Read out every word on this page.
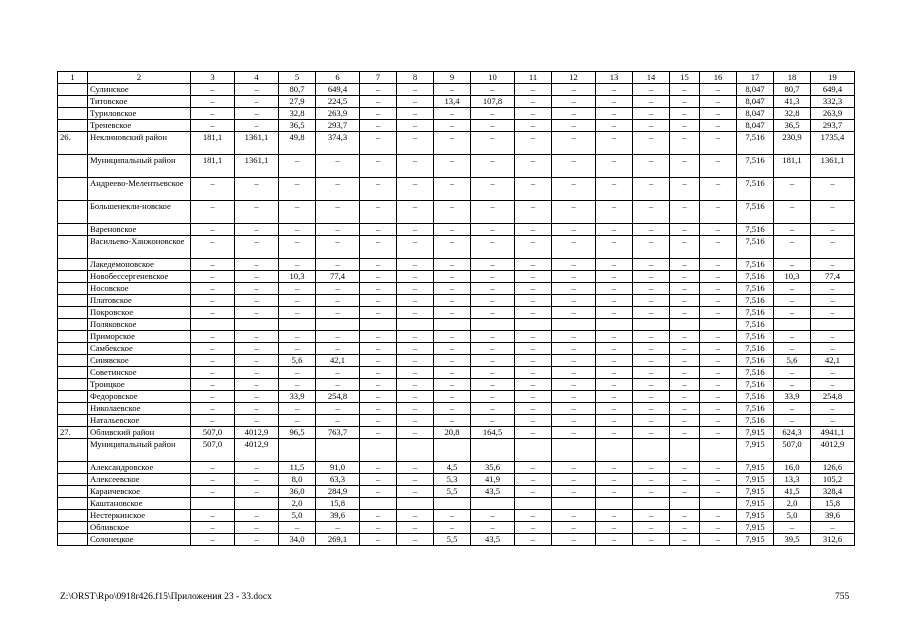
1	2	3	4	5	6	7	8	9	10	11	12	13	14	15	16	17	18	19
	Сулинское	–	–	80,7	649,4	–	–	–	–	–	–	–	–	–	–	8,047	80,7	649,4
	Титовское	–	–	27,9	224,5	–	–	13,4	107,8	–	–	–	–	–	–	8,047	41,3	332,3
	Туриловское	–	–	32,8	263,9	–	–	–	–	–	–	–	–	–	–	8,047	32,8	263,9
	Треневское	–	–	36,5	293,7	–	–	–	–	–	–	–	–	–	–	8,047	36,5	293,7
26.	Неклиновский район	181,1	1361,1	49,8	374,3	–	–	–	–	–	–	–	–	–	–	7,516	230,9	1735,4
	Муниципальный район	181,1	1361,1	–	–	–	–	–	–	–	–	–	–	–	–	7,516	181,1	1361,1
	Андреево-Мелентьевское	–	–	–	–	–	–	–	–	–	–	–	–	–	–	7,516	–	–
	Большенекли-новское	–	–	–	–	–	–	–	–	–	–	–	–	–	–	7,516	–	–
	Вареновское	–	–	–	–	–	–	–	–	–	–	–	–	–	–	7,516	–	–
	Васильево-Ханжоновское	–	–	–	–	–	–	–	–	–	–	–	–	–	–	7,516	–	–
	Лакедемоновское	–	–	–	–	–	–	–	–	–	–	–	–	–	–	7,516	–	–
	Новобессергеневское	–	–	10,3	77,4	–	–	–	–	–	–	–	–	–	–	7,516	10,3	77,4
	Носовское	–	–	–	–	–	–	–	–	–	–	–	–	–	–	7,516	–	–
	Платовское	–	–	–	–	–	–	–	–	–	–	–	–	–	–	7,516	–	–
	Покровское	–	–	–	–	–	–	–	–	–	–	–	–	–	–	7,516	–	–
	Поляковское															7,516		
	Приморское	–	–	–	–	–	–	–	–	–	–	–	–	–	–	7,516	–	–
	Самбекское	–	–	–	–	–	–	–	–	–	–	–	–	–	–	7,516	–	–
	Синявское	–	–	5,6	42,1	–	–	–	–	–	–	–	–	–	–	7,516	5,6	42,1
	Советинское	–	–	–	–	–	–	–	–	–	–	–	–	–	–	7,516	–	–
	Троицкое	–	–	–	–	–	–	–	–	–	–	–	–	–	–	7,516	–	–
	Федоровское	–	–	33,9	254,8	–	–	–	–	–	–	–	–	–	–	7,516	33,9	254,8
	Николаевское	–	–	–	–	–	–	–	–	–	–	–	–	–	–	7,516	–	–
	Натальевское	–	–	–	–	–	–	–	–	–	–	–	–	–	–	7,516	–	–
27.	Обливский район	507,0	4012,9	96,5	763,7	–	–	20,8	164,5	–	–	–	–	–	–	7,915	624,3	4941,1
	Муниципальный район	507,0	4012,9													7,915	507,0	4012,9
	Александровское	–	–	11,5	91,0	–	–	4,5	35,6	–	–	–	–	–	–	7,915	16,0	126,6
	Алексеевское	–	–	8,0	63,3	–	–	5,3	41,9	–	–	–	–	–	–	7,915	13,3	105,2
	Караичевское	–	–	36,0	284,9	–	–	5,5	43,5	–	–	–	–	–	–	7,915	41,5	328,4
	Каштановское			2,0	15,8											7,915	2,0	15,8
	Нестеркинское	–	–	5,0	39,6	–	–	–	–	–	–	–	–	–	–	7,915	5,0	39,6
	Обливское	–	–	–	–	–	–	–	–	–	–	–	–	–	–	7,915	–	–
	Солонецкое	–	–	34,0	269,1	–	–	5,5	43,5	–	–	–	–	–	–	7,915	39,5	312,6
Z:\ORST\Rpo\0918r426.f15\Приложения 23 - 33.docx	755
